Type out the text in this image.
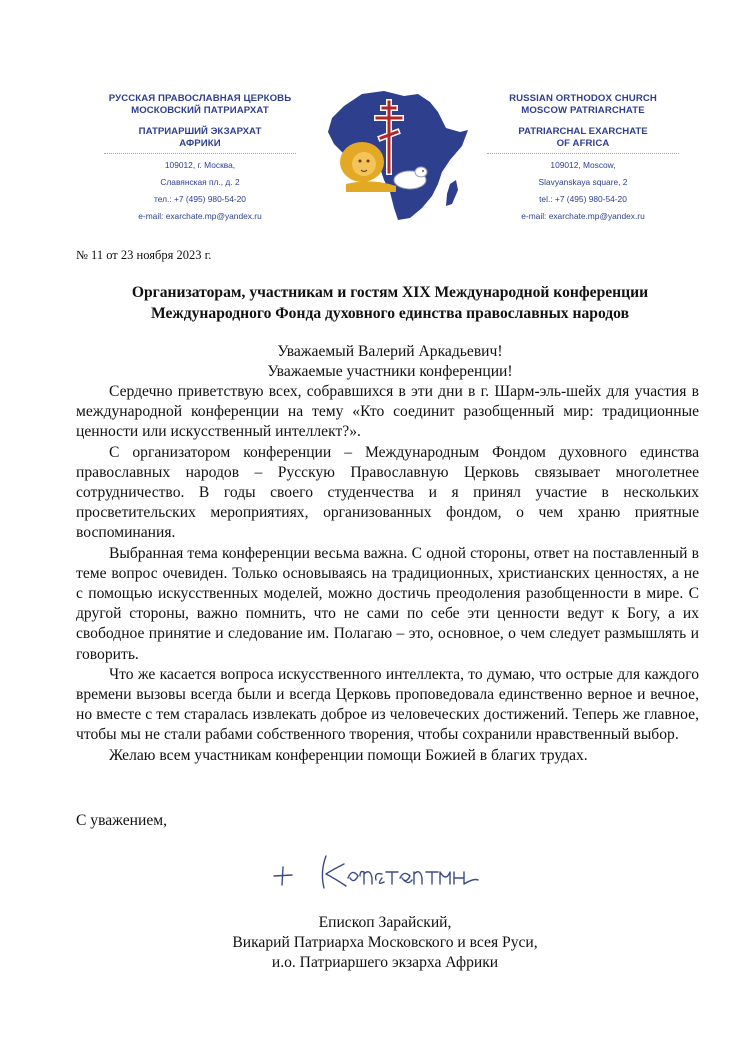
РУССКАЯ ПРАВОСЛАВНАЯ ЦЕРКОВЬ
МОСКОВСКИЙ ПАТРИАРХАТ
ПАТРИАРШИЙ ЭКЗАРХАТ
АФРИКИ
109012, г. Москва,
Славянская пл., д. 2
тел.: +7 (495) 980-54-20
e-mail: exarchate.mp@yandex.ru
RUSSIAN ORTHODOX CHURCH
MOSCOW PATRIARCHATE
PATRIARCHAL EXARCHATE
OF AFRICA
109012, Moscow,
Slavyanskaya square, 2
tel.: +7 (495) 980-54-20
e-mail: exarchate.mp@yandex.ru
№ 11 от 23 ноября 2023 г.
Организаторам, участникам и гостям XIX Международной конференции
Международного Фонда духовного единства православных народов
Уважаемый Валерий Аркадьевич!
Уважаемые участники конференции!

Сердечно приветствую всех, собравшихся в эти дни в г. Шарм-эль-шейх для участия в международной конференции на тему «Кто соединит разобщенный мир: традиционные ценности или искусственный интеллект?».

С организатором конференции – Международным Фондом духовного единства православных народов – Русскую Православную Церковь связывает многолетнее сотрудничество. В годы своего студенчества и я принял участие в нескольких просветительских мероприятиях, организованных фондом, о чем храню приятные воспоминания.

Выбранная тема конференции весьма важна. С одной стороны, ответ на поставленный в теме вопрос очевиден. Только основываясь на традиционных, христианских ценностях, а не с помощью искусственных моделей, можно достичь преодоления разобщенности в мире. С другой стороны, важно помнить, что не сами по себе эти ценности ведут к Богу, а их свободное принятие и следование им. Полагаю – это, основное, о чем следует размышлять и говорить.

Что же касается вопроса искусственного интеллекта, то думаю, что острые для каждого времени вызовы всегда были и всегда Церковь проповедовала единственно верное и вечное, но вместе с тем старалась извлекать доброе из человеческих достижений. Теперь же главное, чтобы мы не стали рабами собственного творения, чтобы сохранили нравственный выбор.

Желаю всем участникам конференции помощи Божией в благих трудах.

С уважением,
Епископ Зарайский,
Викарий Патриарха Московского и всея Руси,
и.о. Патриаршего экзарха Африки
